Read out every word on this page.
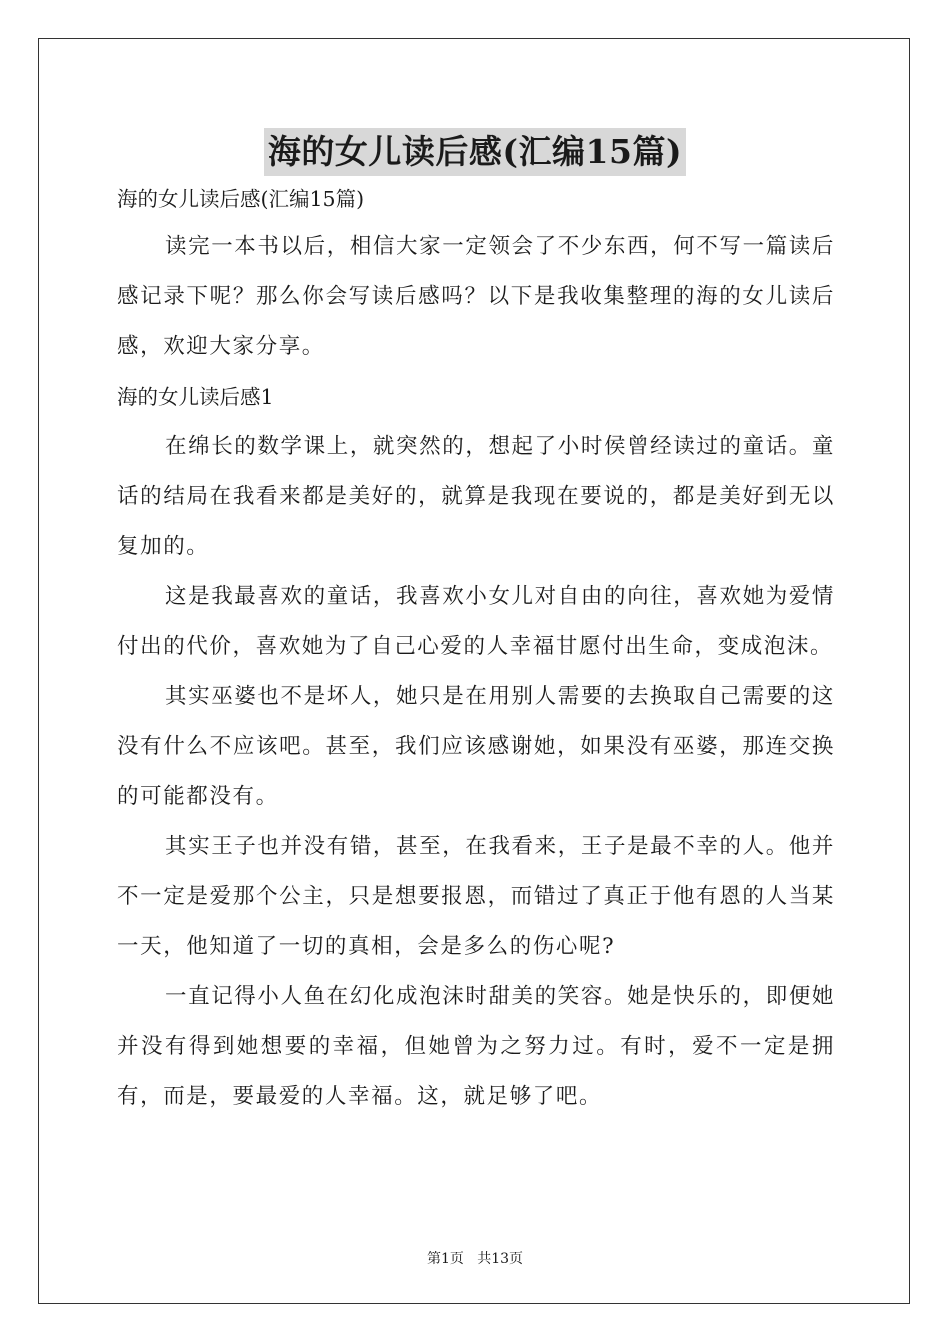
海的女儿读后感(汇编15篇)

海的女儿读后感(汇编15篇)

读完一本书以后，相信大家一定领会了不少东西，何不写一篇读后感记录下呢？那么你会写读后感吗？以下是我收集整理的海的女儿读后感，欢迎大家分享。

海的女儿读后感1

在绵长的数学课上，就突然的，想起了小时侯曾经读过的童话。童话的结局在我看来都是美好的，就算是我现在要说的，都是美好到无以复加的。

这是我最喜欢的童话，我喜欢小女儿对自由的向往，喜欢她为爱情付出的代价，喜欢她为了自己心爱的人幸福甘愿付出生命，变成泡沫。

其实巫婆也不是坏人，她只是在用别人需要的去换取自己需要的这没有什么不应该吧。甚至，我们应该感谢她，如果没有巫婆，那连交换的可能都没有。

其实王子也并没有错，甚至，在我看来，王子是最不幸的人。他并不一定是爱那个公主，只是想要报恩，而错过了真正于他有恩的人当某一天，他知道了一切的真相，会是多么的伤心呢?

一直记得小人鱼在幻化成泡沫时甜美的笑容。她是快乐的，即便她并没有得到她想要的幸福，但她曾为之努力过。有时，爱不一定是拥有，而是，要最爱的人幸福。这，就足够了吧。

第1页   共13页
